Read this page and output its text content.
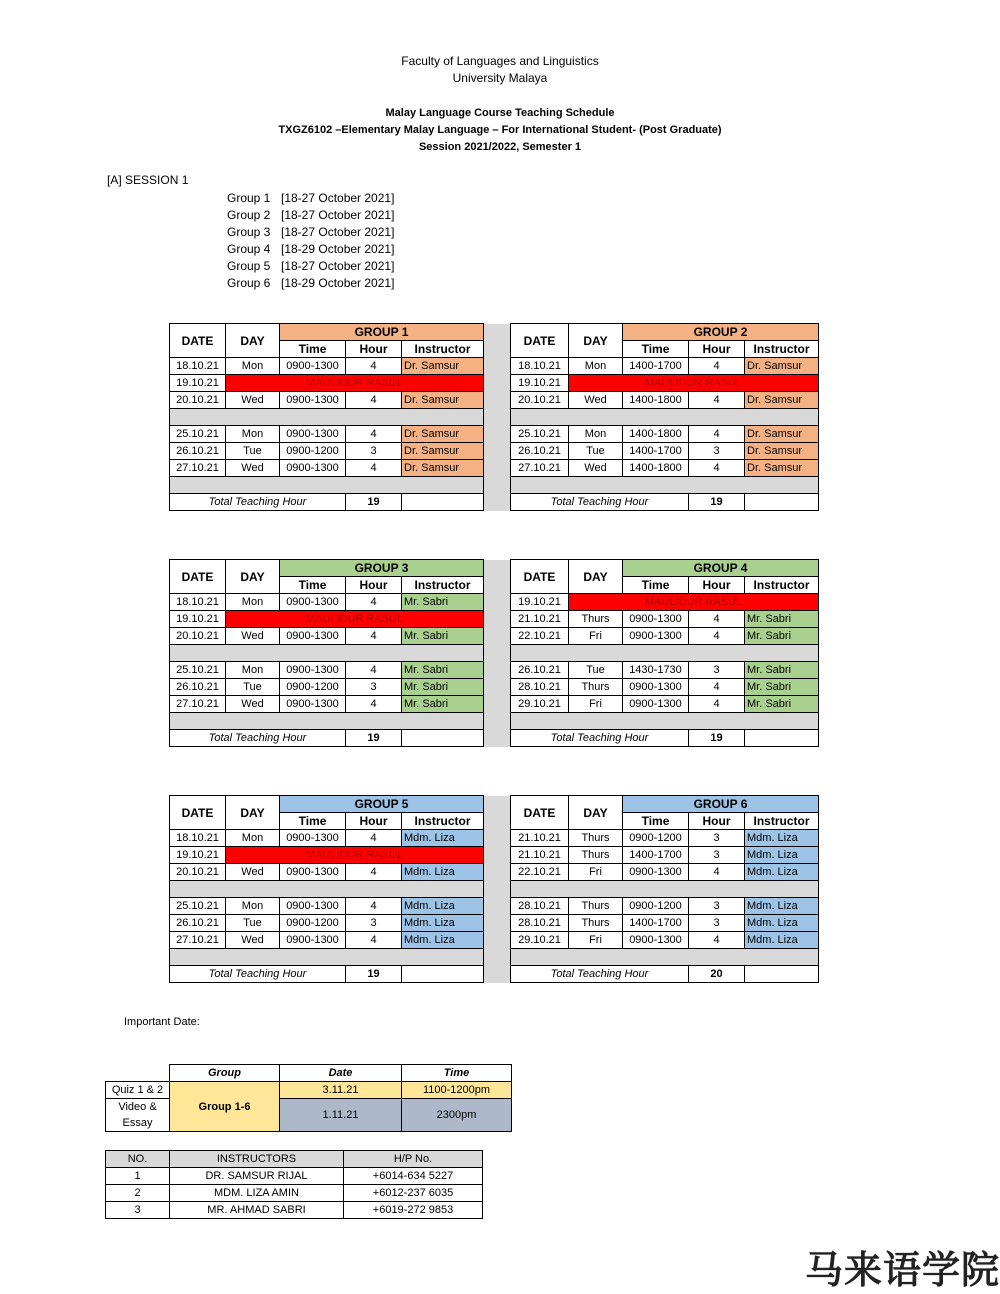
Faculty of Languages and Linguistics
University Malaya
Malay Language Course Teaching Schedule
TXGZ6102 –Elementary Malay Language – For International Student- (Post Graduate)
Session 2021/2022, Semester 1
[A] SESSION 1
Group 1 [18-27 October 2021]
Group 2 [18-27 October 2021]
Group 3 [18-27 October 2021]
Group 4 [18-29 October 2021]
Group 5 [18-27 October 2021]
Group 6 [18-29 October 2021]
DATE	DAY	GROUP 1				DATE	DAY	GROUP 2		
		Time	Hour	Instructor				Time	Hour	Instructor
18.10.21	Mon	0900-1300	4	Dr. Samsur		18.10.21	Mon	1400-1700	4	Dr. Samsur
19.10.21	MAULIDUR RASUL					19.10.21	MAULIDUR RASUL			
20.10.21	Wed	0900-1300	4	Dr. Samsur		20.10.21	Wed	1400-1800	4	Dr. Samsur

25.10.21	Mon	0900-1300	4	Dr. Samsur		25.10.21	Mon	1400-1800	4	Dr. Samsur
26.10.21	Tue	0900-1200	3	Dr. Samsur		26.10.21	Tue	1400-1700	3	Dr. Samsur
27.10.21	Wed	0900-1300	4	Dr. Samsur		27.10.21	Wed	1400-1800	4	Dr. Samsur

Total Teaching Hour			19			Total Teaching Hour			19	
DATE	DAY	GROUP 3				DATE	DAY	GROUP 4		
		Time	Hour	Instructor				Time	Hour	Instructor
18.10.21	Mon	0900-1300	4	Mr. Sabri		19.10.21	MAULIDUR RASUL			
19.10.21	MAULIDUR RASUL					21.10.21	Thurs	0900-1300	4	Mr. Sabri
20.10.21	Wed	0900-1300	4	Mr. Sabri		22.10.21	Fri	0900-1300	4	Mr. Sabri

25.10.21	Mon	0900-1300	4	Mr. Sabri		26.10.21	Tue	1430-1730	3	Mr. Sabri
26.10.21	Tue	0900-1200	3	Mr. Sabri		28.10.21	Thurs	0900-1300	4	Mr. Sabri
27.10.21	Wed	0900-1300	4	Mr. Sabri		29.10.21	Fri	0900-1300	4	Mr. Sabri

Total Teaching Hour			19			Total Teaching Hour			19	
DATE	DAY	GROUP 5				DATE	DAY	GROUP 6		
		Time	Hour	Instructor				Time	Hour	Instructor
18.10.21	Mon	0900-1300	4	Mdm. Liza		21.10.21	Thurs	0900-1200	3	Mdm. Liza
19.10.21	MAULIDUR RASUL					21.10.21	Thurs	1400-1700	3	Mdm. Liza
20.10.21	Wed	0900-1300	4	Mdm. Liza		22.10.21	Fri	0900-1300	4	Mdm. Liza

25.10.21	Mon	0900-1300	4	Mdm. Liza		28.10.21	Thurs	0900-1200	3	Mdm. Liza
26.10.21	Tue	0900-1200	3	Mdm. Liza		28.10.21	Thurs	1400-1700	3	Mdm. Liza
27.10.21	Wed	0900-1300	4	Mdm. Liza		29.10.21	Fri	0900-1300	4	Mdm. Liza

Total Teaching Hour			19			Total Teaching Hour			20	
Important Date:
	Group	Date	Time
Quiz 1 & 2	Group 1-6	3.11.21	1100-1200pm
Video & Essay		1.11.21	2300pm
NO.	INSTRUCTORS	H/P No.
1	DR. SAMSUR RIJAL	+6014-634 5227
2	MDM. LIZA AMIN	+6012-237 6035
3	MR. AHMAD SABRI	+6019-272 9853
马来语学院
